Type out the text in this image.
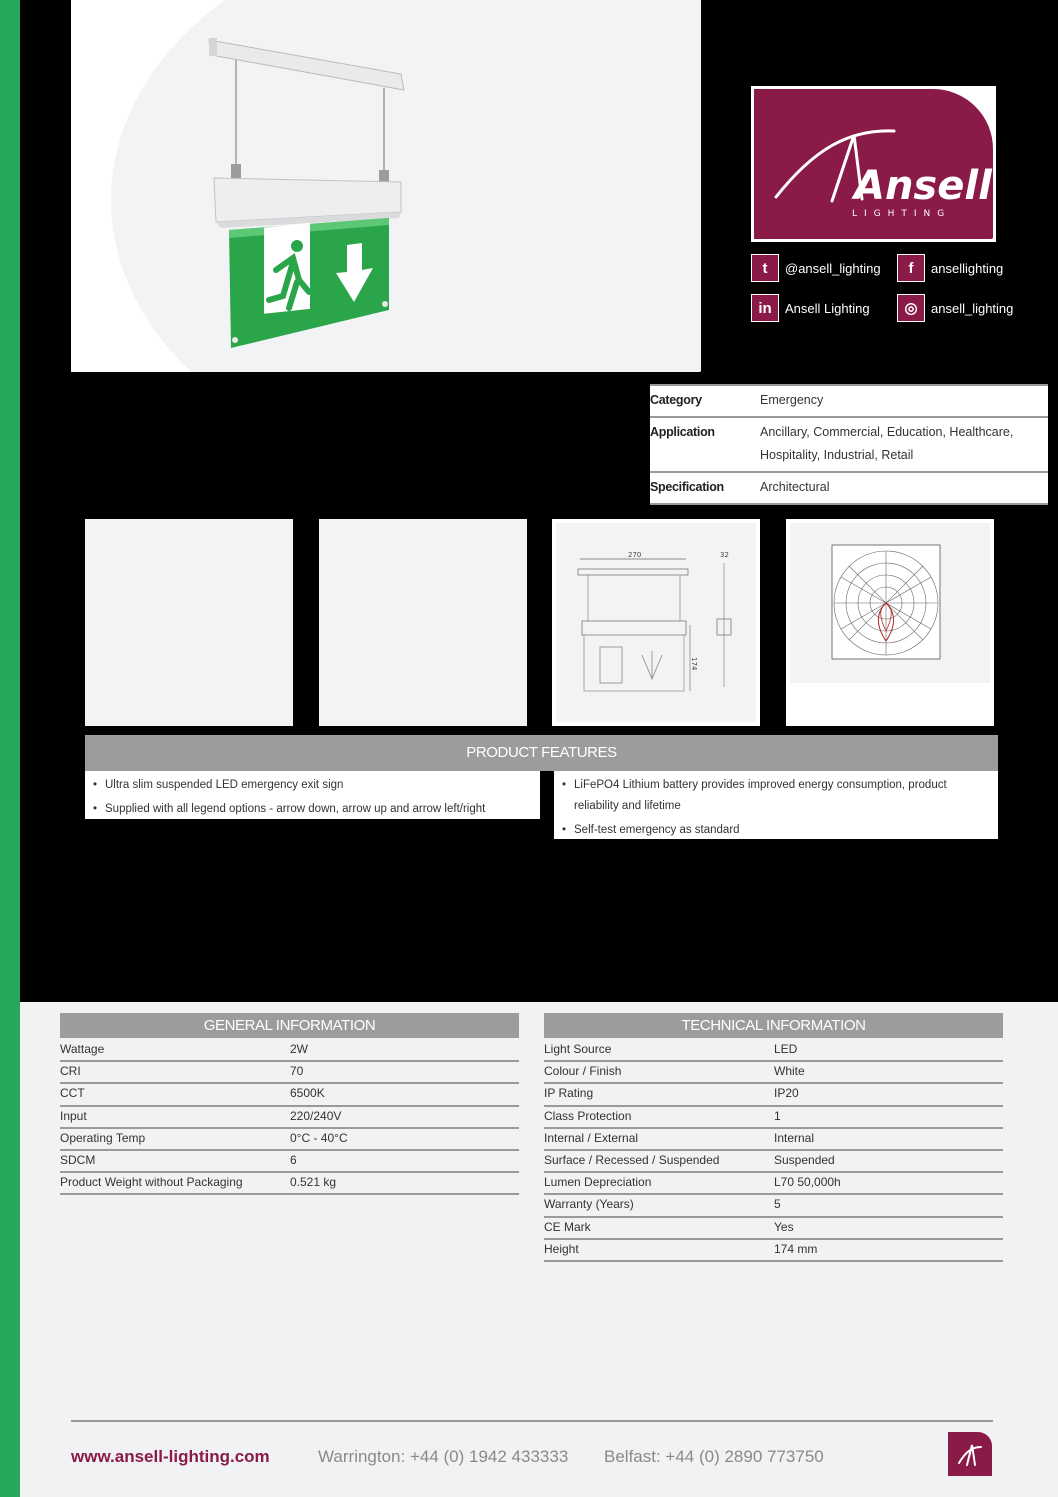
Ansell
LIGHTING
t	@ansell_lighting	f	ansellighting
in	Ansell Lighting	◎	ansell_lighting
Category	Emergency
Application	Ancillary, Commercial, Education, Healthcare, Hospitality, Industrial, Retail
Specification	Architectural
270
174
32
PRODUCT FEATURES
• Ultra slim suspended LED emergency exit sign
• Supplied with all legend options - arrow down, arrow up and arrow left/right
• LiFePO4 Lithium battery provides improved energy consumption, product reliability and lifetime
• Self-test emergency as standard
GENERAL INFORMATION
Wattage	2W
CRI	70
CCT	6500K
Input	220/240V
Operating Temp	0°C - 40°C
SDCM	6
Product Weight without Packaging	0.521 kg
TECHNICAL INFORMATION
Light Source	LED
Colour / Finish	White
IP Rating	IP20
Class Protection	1
Internal / External	Internal
Surface / Recessed / Suspended	Suspended
Lumen Depreciation	L70 50,000h
Warranty (Years)	5
CE Mark	Yes
Height	174 mm
www.ansell-lighting.com	Warrington: +44 (0) 1942 433333 Belfast: +44 (0) 2890 773750
